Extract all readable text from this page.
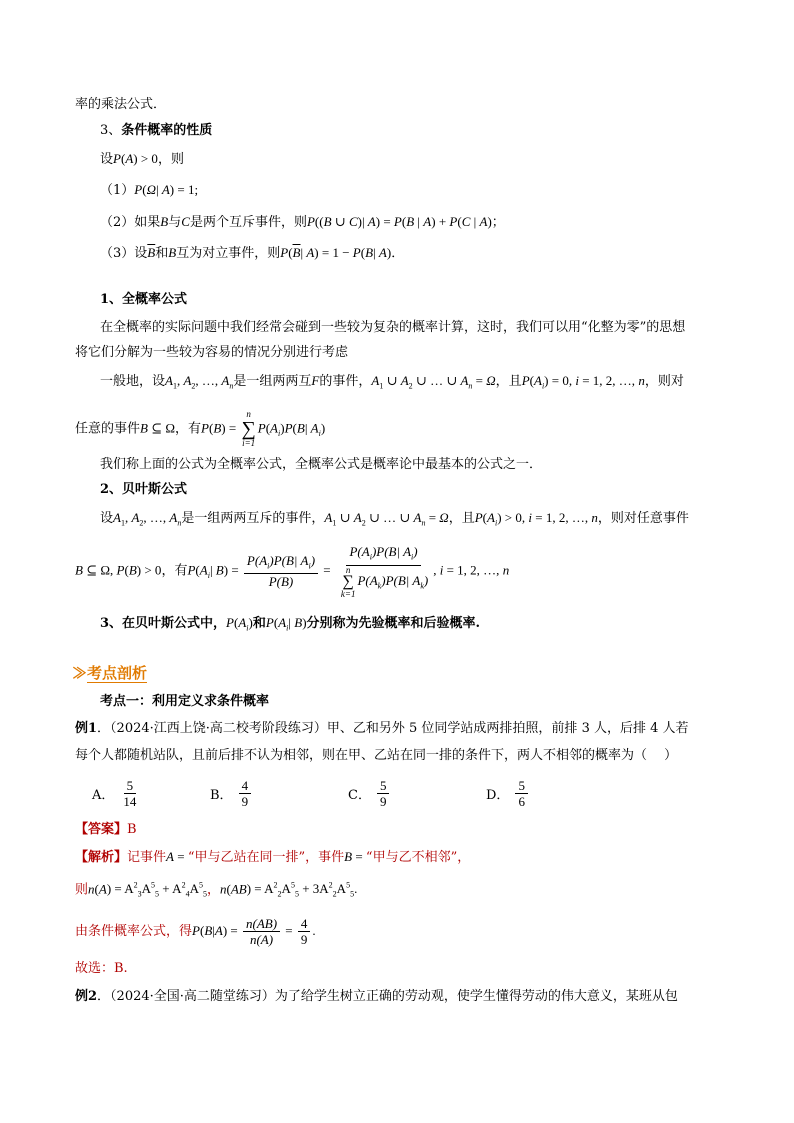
率的乘法公式．
3、条件概率的性质
设P(A) > 0，则
（1）P(Ω| A) = 1;
（2）如果B与C是两个互斥事件，则P((B ∪ C)| A) = P(B | A) + P(C | A)；
（3）设$\overline{B}$和B互为对立事件，则$P(\overline{B}|$ A) = 1 − P(B| A)．
1、全概率公式
在全概率的实际问题中我们经常会碰到一些较为复杂的概率计算，这时，我们可以用“化整为零”的思想
将它们分解为一些较为容易的情况分别进行考虑
一般地，设$A_1$, $A_2$, …, $A_n$是一组两两互F的事件，$A_1$ ∪ $A_2$ ∪ … ∪ $A_n = \Omega$，且$P(A_i) = 0$, i = 1, 2, …, n，则对
任意的事件B ⊆ Ω，有P(B) =
n
∑
i=1
$P(A_i)P(B|$ $A_i$)
我们称上面的公式为全概率公式，全概率公式是概率论中最基本的公式之一．
2、贝叶斯公式
设$A_1$, $A_2$, …, $A_n$是一组两两互斥的事件，$A_1$ ∪ $A_2$ ∪ … ∪ $A_n = \Omega$，且$P(A_i) > 0$, i = 1, 2, …, n，则对任意事件
B ⊆ Ω, P(B) > 0，有$P(A_i|$ $B) = \frac{P(A_i)P(B| A_i)}{P(B)} = P(A_i)P(B|$ $A_i$)
n
∑
k=1
$P(A_k)P(B|$ $A_k$) , i = 1, 2, …, n
3、在贝叶斯公式中，$P(A_i)$和$P(A_i|$ B)分别称为先验概率和后验概率.
≫考点剖析
考点一：利用定义求条件概率
例1．（2024·江西上饶·高二校考阶段练习）甲、乙和另外 5 位同学站成两排拍照，前排 3 人，后排 4 人若
每个人都随机站队，且前后排不认为相邻，则在甲、乙站在同一排的条件下，两人不相邻的概率为（　 ）
A． $\frac{5}{14}$	B． $\frac{4}{9}$	C． $\frac{5}{9}$	D． $\frac{5}{6}$
【答案】B
【解析】记事件A = “甲与乙站在同一排”，事件B = “甲与乙不相邻”，
则$n(A) = A^2_3A^5_5 + A^2_4A^5_5$，$n(AB) = A^2_2A^5_5 + 3A^2_2A^5_5$.
由条件概率公式，得$P(B|A) = \frac{n(AB)}{n(A)} = \frac{4}{9}$ .
故选：B.
例2．（2024·全国·高二随堂练习）为了给学生树立正确的劳动观，使学生懂得劳动的伟大意义，某班从包
